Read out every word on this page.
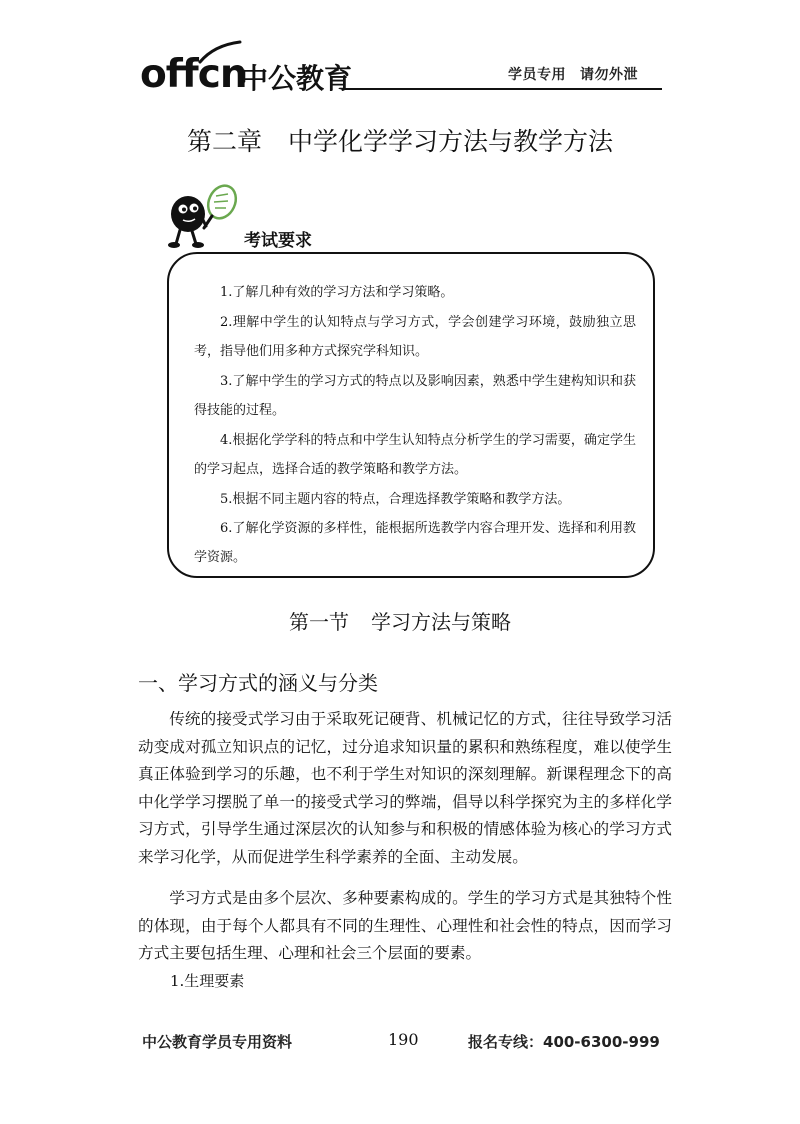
offcn
中公教育	学员专用 请勿外泄
第二章 中学化学学习方法与教学方法
考试要求
1.了解几种有效的学习方法和学习策略。
2.理解中学生的认知特点与学习方式，学会创建学习环境，鼓励独立思考，指导他们用多种方式探究学科知识。
3.了解中学生的学习方式的特点以及影响因素，熟悉中学生建构知识和获得技能的过程。
4.根据化学学科的特点和中学生认知特点分析学生的学习需要，确定学生的学习起点，选择合适的教学策略和教学方法。
5.根据不同主题内容的特点，合理选择教学策略和教学方法。
6.了解化学资源的多样性，能根据所选教学内容合理开发、选择和利用教学资源。
第一节 学习方法与策略
一、学习方式的涵义与分类
传统的接受式学习由于采取死记硬背、机械记忆的方式，往往导致学习活动变成对孤立知识点的记忆，过分追求知识量的累积和熟练程度，难以使学生真正体验到学习的乐趣，也不利于学生对知识的深刻理解。新课程理念下的高中化学学习摆脱了单一的接受式学习的弊端，倡导以科学探究为主的多样化学习方式，引导学生通过深层次的认知参与和积极的情感体验为核心的学习方式来学习化学，从而促进学生科学素养的全面、主动发展。
学习方式是由多个层次、多种要素构成的。学生的学习方式是其独特个性的体现，由于每个人都具有不同的生理性、心理性和社会性的特点，因而学习方式主要包括生理、心理和社会三个层面的要素。
1.生理要素
中公教育学员专用资料	190	报名专线：400-6300-999
